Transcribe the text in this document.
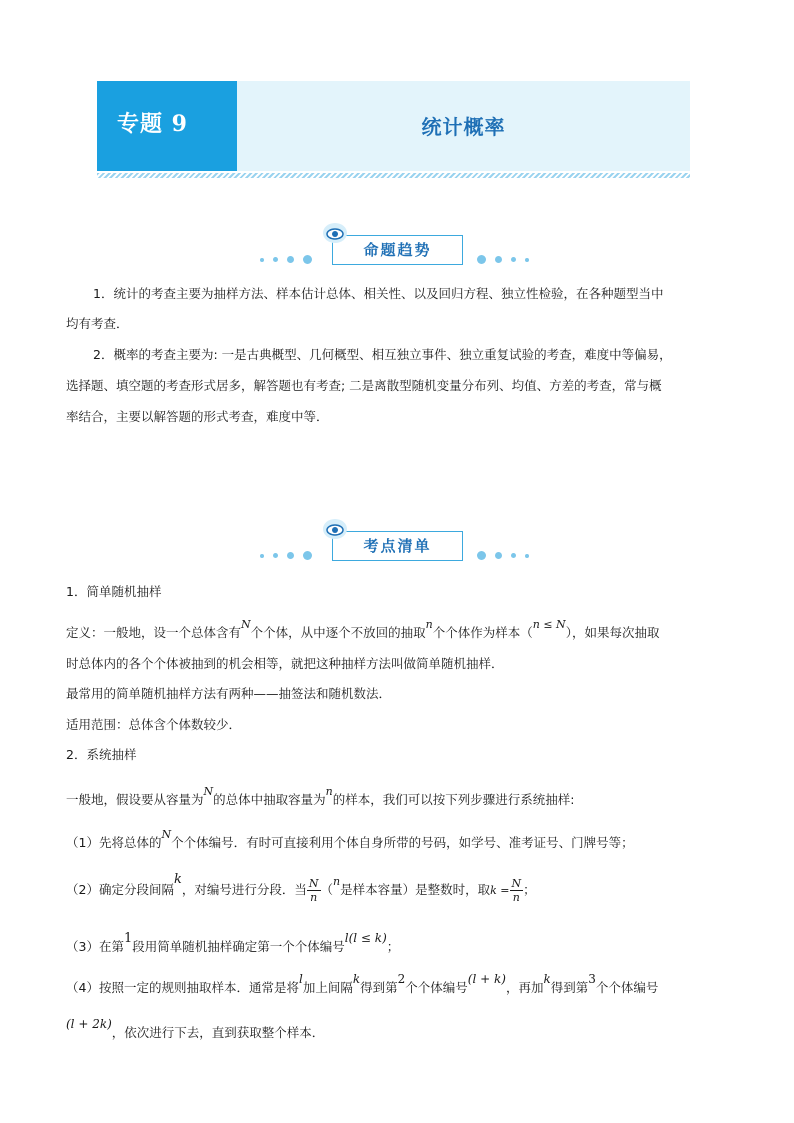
专题 9	统计概率
命题趋势
1．统计的考查主要为抽样方法、样本估计总体、相关性、以及回归方程、独立性检验，在各种题型当中
均有考查．
2．概率的考查主要为: 一是古典概型、几何概型、相互独立事件、独立重复试验的考查，难度中等偏易，
选择题、填空题的考查形式居多，解答题也有考查; 二是离散型随机变量分布列、均值、方差的考查，常与概
率结合，主要以解答题的形式考查，难度中等．
考点清单
1．简单随机抽样
定义：一般地，设一个总体含有N个个体，从中逐个不放回的抽取n个个体作为样本（n ≤ N），如果每次抽取
时总体内的各个个体被抽到的机会相等，就把这种抽样方法叫做简单随机抽样．
最常用的简单随机抽样方法有两种——抽签法和随机数法．
适用范围：总体含个体数较少．
2．系统抽样
一般地，假设要从容量为N的总体中抽取容量为n的样本，我们可以按下列步骤进行系统抽样:
（1）先将总体的N个个体编号．有时可直接利用个体自身所带的号码，如学号、准考证号、门牌号等；
（2）确定分段间隔k，对编号进行分段．当 $\frac{N}{n} (n$是样本容量）是整数时，取$k = \frac{N}{n}$ ；
（3）在第1段用简单随机抽样确定第一个个体编号l(l ≤ k)；
（4）按照一定的规则抽取样本．通常是将l加上间隔k得到第2个个体编号(l + k)，再加k得到第3个个体编号
(l + 2k)，依次进行下去，直到获取整个样本．
